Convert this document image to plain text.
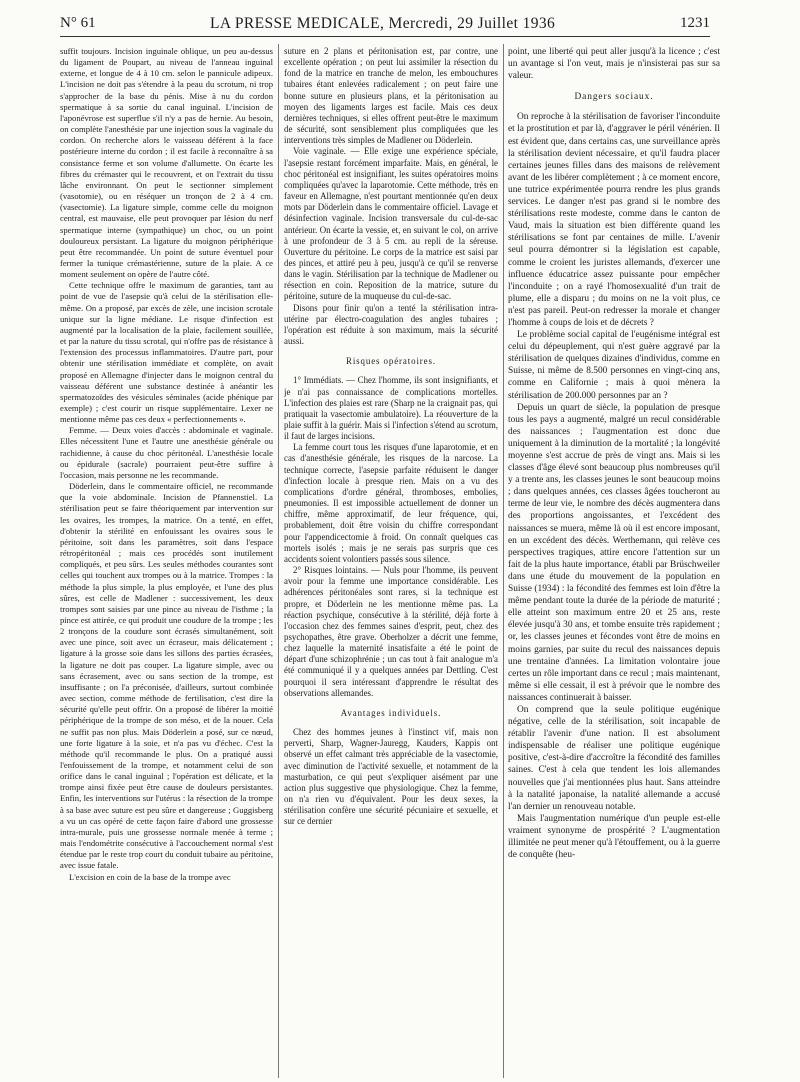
N° 61	LA PRESSE MEDICALE, Mercredi, 29 Juillet 1936	1231

suffit toujours. Incision inguinale oblique, un peu au-dessus du ligament de Poupart, au niveau de l'anneau inguinal externe, et longue de 4 à 10 cm. selon le pannicule adipeux. L'incision ne doit pas s'étendre à la peau du scrotum, ni trop s'approcher de la base du pénis. Mise à nu du cordon spermatique à sa sortie du canal inguinal. L'incision de l'aponévrose est superflue s'il n'y a pas de hernie. Au besoin, on complète l'anesthésie par une injection sous la vaginale du cordon. On recherche alors le vaisseau déférent à la face postérieure interne du cordon ; il est facile à reconnaître à sa consistance ferme et son volume d'allumette. On écarte les fibres du crémaster qui le recouvrent, et on l'extrait du tissu lâche environnant. On peut le sectionner simplement (vasotomie), ou en réséquer un tronçon de 2 à 4 cm. (vasectomie). La ligature simple, comme celle du moignon central, est mauvaise, elle peut provoquer par lésion du nerf spermatique interne (sympathique) un choc, ou un point douloureux persistant. La ligature du moignon périphérique peut être recommandée. Un point de suture éventuel pour fermer la tunique crémastérienne, suture de la plaie. A ce moment seulement on opère de l'autre côté.

Cette technique offre le maximum de garanties, tant au point de vue de l'asepsie qu'à celui de la stérilisation elle-même. On a proposé, par excès de zèle, une incision scrotale unique sur la ligne médiane. Le risque d'infection est augmenté par la localisation de la plaie, facilement souillée, et par la nature du tissu scrotal, qui n'offre pas de résistance à l'extension des processus inflammatoires. D'autre part, pour obtenir une stérilisation immédiate et complète, on avait proposé en Allemagne d'injecter dans le moignon central du vaisseau déférent une substance destinée à anéantir les spermatozoïdes des vésicules séminales (acide phénique par exemple) ; c'est courir un risque supplémentaire. Lexer ne mentionne même pas ces deux « perfectionnements ».

Femme. — Deux voies d'accès : abdominale et vaginale. Elles nécessitent l'une et l'autre une anesthésie générale ou rachidienne, à cause du choc péritonéal. L'anesthésie locale ou épidurale (sacrale) pourraient peut-être suffire à l'occasion, mais personne ne les recommande.

Döderlein, dans le commentaire officiel, ne recommande que la voie abdominale. Incision de Pfannenstiel. La stérilisation peut se faire théoriquement par intervention sur les ovaires, les trompes, la matrice. On a tenté, en effet, d'obtenir la stérilité en enfouissant les ovaires sous le péritoine, soit dans les paramètres, soit dans l'espace rétropéritonéal ; mais ces procédés sont inutilement compliqués, et peu sûrs. Les seules méthodes courantes sont celles qui touchent aux trompes ou à la matrice. Trompes : la méthode la plus simple, la plus employée, et l'une des plus sûres, est celle de Madlener : successivement, les deux trompes sont saisies par une pince au niveau de l'isthme ; la pince est attirée, ce qui produit une coudure de la trompe ; les 2 tronçons de la coudure sont écrasés simultanément, soit avec une pince, soit avec un écraseur, mais délicatement ; ligature à la grosse soie dans les sillons des parties écrasées, la ligature ne doit pas couper. La ligature simple, avec ou sans écrasement, avec ou sans section de la trompe, est insuffisante ; on l'a préconisée, d'ailleurs, surtout combinée avec section, comme méthode de fertilisation, c'est dire la sécurité qu'elle peut offrir. On a proposé de libérer la moitié périphérique de la trompe de son méso, et de la nouer. Cela ne suffit pas non plus. Mais Döderlein a posé, sur ce nœud, une forte ligature à la soie, et n'a pas vu d'échec. C'est la méthode qu'il recommande le plus. On a pratiqué aussi l'enfouissement de la trompe, et notamment celui de son orifice dans le canal inguinal ; l'opération est délicate, et la trompe ainsi fixée peut être cause de douleurs persistantes. Enfin, les interventions sur l'utérus : la résection de la trompe à sa base avec suture est peu sûre et dangereuse ; Guggisberg a vu un cas opéré de cette façon faire d'abord une grossesse intra-murale, puis une grossesse normale menée à terme ; mais l'endométrite consécutive à l'accouchement normal s'est étendue par le reste trop court du conduit tubaire au péritoine, avec issue fatale.

L'excision en coin de la base de la trompe avec

suture en 2 plans et péritonisation est, par contre, une excellente opération ; on peut lui assimiler la résection du fond de la matrice en tranche de melon, les embouchures tubaires étant enlevées radicalement ; on peut faire une bonne suture en plusieurs plans, et la péritonisation au moyen des ligaments larges est facile. Mais ces deux dernières techniques, si elles offrent peut-être le maximum de sécurité, sont sensiblement plus compliquées que les interventions très simples de Madlener ou Döderlein.

Voie vaginale. — Elle exige une expérience spéciale, l'asepsie restant forcément imparfaite. Mais, en général, le choc péritonéal est insignifiant, les suites opératoires moins compliquées qu'avec la laparotomie. Cette méthode, très en faveur en Allemagne, n'est pourtant mentionnée qu'en deux mots par Döderlein dans le commentaire officiel. Lavage et désinfection vaginale. Incision transversale du cul-de-sac antérieur. On écarte la vessie, et, en suivant le col, on arrive à une profondeur de 3 à 5 cm. au repli de la séreuse. Ouverture du péritoine. Le corps de la matrice est saisi par des pinces, et attiré peu à peu, jusqu'à ce qu'il se renverse dans le vagin. Stérilisation par la technique de Madlener ou résection en coin. Reposition de la matrice, suture du péritoine, suture de la muqueuse du cul-de-sac.

Disons pour finir qu'on a tenté la stérilisation intra-utérine par électro-coagulation des angles tubaires ; l'opération est réduite à son maximum, mais la sécurité aussi.

Risques opératoires.

1° Immédiats. — Chez l'homme, ils sont insignifiants, et je n'ai pas connaissance de complications mortelles. L'infection des plaies est rare (Sharp ne la craignait pas, qui pratiquait la vasectomie ambulatoire). La réouverture de la plaie suffit à la guérir. Mais si l'infection s'étend au scrotum, il faut de larges incisions.

La femme court tous les risques d'une laparotomie, et en cas d'anesthésie générale, les risques de la narcose. La technique correcte, l'asepsie parfaite réduisent le danger d'infection locale à presque rien. Mais on a vu des complications d'ordre général, thromboses, embolies, pneumonies. Il est impossible actuellement de donner un chiffre, même approximatif, de leur fréquence, qui, probablement, doit être voisin du chiffre correspondant pour l'appendicectomie à froid. On connaît quelques cas mortels isolés ; mais je ne serais pas surpris que ces accidents soient volontiers passés sous silence.

2° Risques lointains. — Nuls pour l'homme, ils peuvent avoir pour la femme une importance considérable. Les adhérences péritonéales sont rares, si la technique est propre, et Döderlein ne les mentionne même pas. La réaction psychique, consécutive à la stérilité, déjà forte à l'occasion chez des femmes saines d'esprit, peut, chez des psychopathes, être grave. Oberholzer a décrit une femme, chez laquelle la maternité insatisfaite a été le point de départ d'une schizophrénie ; un cas tout à fait analogue m'a été communiqué il y a quelques années par Dettling. C'est pourquoi il sera intéressant d'apprendre le résultat des observations allemandes.

Avantages individuels.

Chez des hommes jeunes à l'instinct vif, mais non perverti, Sharp, Wagner-Jauregg, Kauders, Kappis ont observé un effet calmant très appréciable de la vasectomie, avec diminution de l'activité sexuelle, et notamment de la masturbation, ce qui peut s'expliquer aisément par une action plus suggestive que physiologique. Chez la femme, on n'a rien vu d'équivalent. Pour les deux sexes, la stérilisation confère une sécurité pécuniaire et sexuelle, et sur ce dernier

point, une liberté qui peut aller jusqu'à la licence ; c'est un avantage si l'on veut, mais je n'insisterai pas sur sa valeur.

Dangers sociaux.

On reproche à la stérilisation de favoriser l'inconduite et la prostitution et par là, d'aggraver le péril vénérien. Il est évident que, dans certains cas, une surveillance après la stérilisation devient nécessaire, et qu'il faudra placer certaines jeunes filles dans des maisons de relèvement avant de les libérer complètement ; à ce moment encore, une tutrice expérimentée pourra rendre les plus grands services. Le danger n'est pas grand si le nombre des stérilisations reste modeste, comme dans le canton de Vaud, mais la situation est bien différente quand les stérilisations se font par centaines de mille. L'avenir seul pourra démontrer si la législation est capable, comme le croient les juristes allemands, d'exercer une influence éducatrice assez puissante pour empêcher l'inconduite ; on a rayé l'homosexualité d'un trait de plume, elle a disparu ; du moins on ne la voit plus, ce n'est pas pareil. Peut-on redresser la morale et changer l'homme à coups de lois et de décrets ?

Le problème social capital de l'eugénisme intégral est celui du dépeuplement, qui n'est guère aggravé par la stérilisation de quelques dizaines d'individus, comme en Suisse, ni même de 8.500 personnes en vingt-cinq ans, comme en Californie ; mais à quoi mènera la stérilisation de 200.000 personnes par an ?

Depuis un quart de siècle, la population de presque tous les pays a augmenté, malgré un recul considérable des naissances ; l'augmentation est donc due uniquement à la diminution de la mortalité ; la longévité moyenne s'est accrue de près de vingt ans. Mais si les classes d'âge élevé sont beaucoup plus nombreuses qu'il y a trente ans, les classes jeunes le sont beaucoup moins ; dans quelques années, ces classes âgées toucheront au terme de leur vie, le nombre des décès augmentera dans des proportions angoissantes, et l'excédent des naissances se muera, même là où il est encore imposant, en un excédent des décès. Werthemann, qui relève ces perspectives tragiques, attire encore l'attention sur un fait de la plus haute importance, établi par Brüschweiler dans une étude du mouvement de la population en Suisse (1934) : la fécondité des femmes est loin d'être la même pendant toute la durée de la période de maturité ; elle atteint son maximum entre 20 et 25 ans, reste élevée jusqu'à 30 ans, et tombe ensuite très rapidement ; or, les classes jeunes et fécondes vont être de moins en moins garnies, par suite du recul des naissances depuis une trentaine d'années. La limitation volontaire joue certes un rôle important dans ce recul ; mais maintenant, même si elle cessait, il est à prévoir que le nombre des naissances continuerait à baisser.

On comprend que la seule politique eugénique négative, celle de la stérilisation, soit incapable de rétablir l'avenir d'une nation. Il est absolument indispensable de réaliser une politique eugénique positive, c'est-à-dire d'accroître la fécondité des familles saines. C'est à cela que tendent les lois allemandes nouvelles que j'ai mentionnées plus haut. Sans atteindre à la natalité japonaise, la natalité allemande a accusé l'an dernier un renouveau notable.

Mais l'augmentation numérique d'un peuple est-elle vraiment synonyme de prospérité ? L'augmentation illimitée ne peut mener qu'à l'étouffement, ou à la guerre de conquête (heu-
